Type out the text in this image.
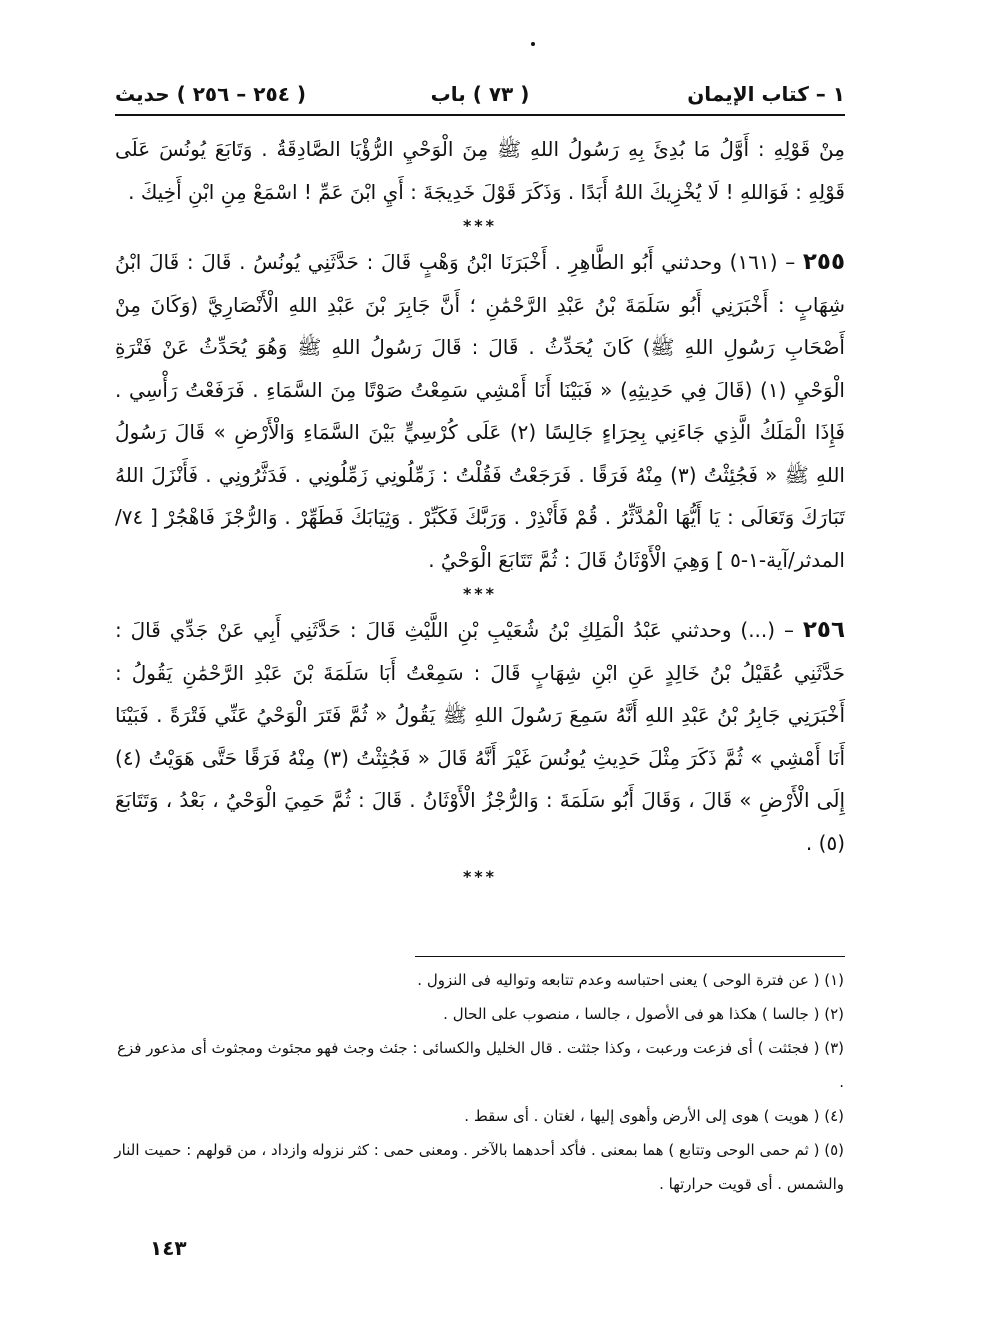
١ – كتاب الإيمان
( ٧٣ ) باب
( ٢٥٤ – ٢٥٦ ) حديث

مِنْ قَوْلِهِ : أَوَّلُ مَا بُدِئَ بِهِ رَسُولُ اللهِ ﷺ مِنَ الْوَحْيِ الرُّؤْيَا الصَّادِقَةُ . وَتَابَعَ يُونُسَ عَلَى قَوْلِهِ : فَوَاللهِ ! لَا يُخْزِيكَ اللهُ أَبَدًا . وَذَكَرَ قَوْلَ خَدِيجَةَ : أَيِ ابْنَ عَمِّ ! اسْمَعْ مِنِ ابْنِ أَخِيكَ .

***

٢٥٥ – (١٦١) وحدثني أَبُو الطَّاهِرِ . أَخْبَرَنَا ابْنُ وَهْبٍ قَالَ : حَدَّثَنِي يُونُسُ . قَالَ : قَالَ ابْنُ شِهَابٍ : أَخْبَرَنِي أَبُو سَلَمَةَ بْنُ عَبْدِ الرَّحْمَٰنِ ؛ أَنَّ جَابِرَ بْنَ عَبْدِ اللهِ الْأَنْصَارِيَّ (وَكَانَ مِنْ أَصْحَابِ رَسُولِ اللهِ ﷺ) كَانَ يُحَدِّثُ . قَالَ : قَالَ رَسُولُ اللهِ ﷺ وَهُوَ يُحَدِّثُ عَنْ فَتْرَةِ الْوَحْيِ (١) (قَالَ فِي حَدِيثِهِ) « فَبَيْنَا أَنَا أَمْشِي سَمِعْتُ صَوْتًا مِنَ السَّمَاءِ . فَرَفَعْتُ رَأْسِي . فَإِذَا الْمَلَكُ الَّذِي جَاءَنِي بِحِرَاءٍ جَالِسًا (٢) عَلَى كُرْسِيٍّ بَيْنَ السَّمَاءِ وَالْأَرْضِ » قَالَ رَسُولُ اللهِ ﷺ « فَجُئِثْتُ (٣) مِنْهُ فَرَقًا . فَرَجَعْتُ فَقُلْتُ : زَمِّلُونِي زَمِّلُونِي . فَدَثَّرُونِي . فَأَنْزَلَ اللهُ تَبَارَكَ وَتَعَالَى : يَا أَيُّهَا الْمُدَّثِّرُ . قُمْ فَأَنْذِرْ . وَرَبَّكَ فَكَبِّرْ . وَثِيَابَكَ فَطَهِّرْ . وَالرُّجْزَ فَاهْجُرْ [ ٧٤/المدثر/آية-١-٥ ] وَهِيَ الْأَوْثَانُ قَالَ : ثُمَّ تَتَابَعَ الْوَحْيُ .

***

٢٥٦ – (...) وحدثني عَبْدُ الْمَلِكِ بْنُ شُعَيْبِ بْنِ اللَّيْثِ قَالَ : حَدَّثَنِي أَبِي عَنْ جَدِّي قَالَ : حَدَّثَنِي عُقَيْلُ بْنُ خَالِدٍ عَنِ ابْنِ شِهَابٍ قَالَ : سَمِعْتُ أَبَا سَلَمَةَ بْنَ عَبْدِ الرَّحْمَٰنِ يَقُولُ : أَخْبَرَنِي جَابِرُ بْنُ عَبْدِ اللهِ أَنَّهُ سَمِعَ رَسُولَ اللهِ ﷺ يَقُولُ « ثُمَّ فَتَرَ الْوَحْيُ عَنِّي فَتْرَةً . فَبَيْنَا أَنَا أَمْشِي » ثُمَّ ذَكَرَ مِثْلَ حَدِيثِ يُونُسَ غَيْرَ أَنَّهُ قَالَ « فَجُثِثْتُ (٣) مِنْهُ فَرَقًا حَتَّى هَوَيْتُ (٤) إِلَى الْأَرْضِ » قَالَ ، وَقَالَ أَبُو سَلَمَةَ : وَالرُّجْزُ الْأَوْثَانُ . قَالَ : ثُمَّ حَمِيَ الْوَحْيُ ، بَعْدُ ، وَتَتَابَعَ (٥) .

***

(١) ( عن فترة الوحى ) يعنى احتباسه وعدم تتابعه وتواليه فى النزول .

(٢) ( جالسا ) هكذا هو فى الأصول ، جالسا ، منصوب على الحال .

(٣) ( فجئثت ) أى فزعت ورعبت ، وكذا جثثت . قال الخليل والكسائى : جئث وجث فهو مجئوث ومجثوث أى مذعور فزع .

(٤) ( هويت ) هوى إلى الأرض وأهوى إليها ، لغتان . أى سقط .

(٥) ( ثم حمى الوحى وتتابع ) هما بمعنى . فأكد أحدهما بالآخر . ومعنى حمى : كثر نزوله وازداد ، من قولهم : حميت النار والشمس . أى قويت حرارتها .

١٤٣
